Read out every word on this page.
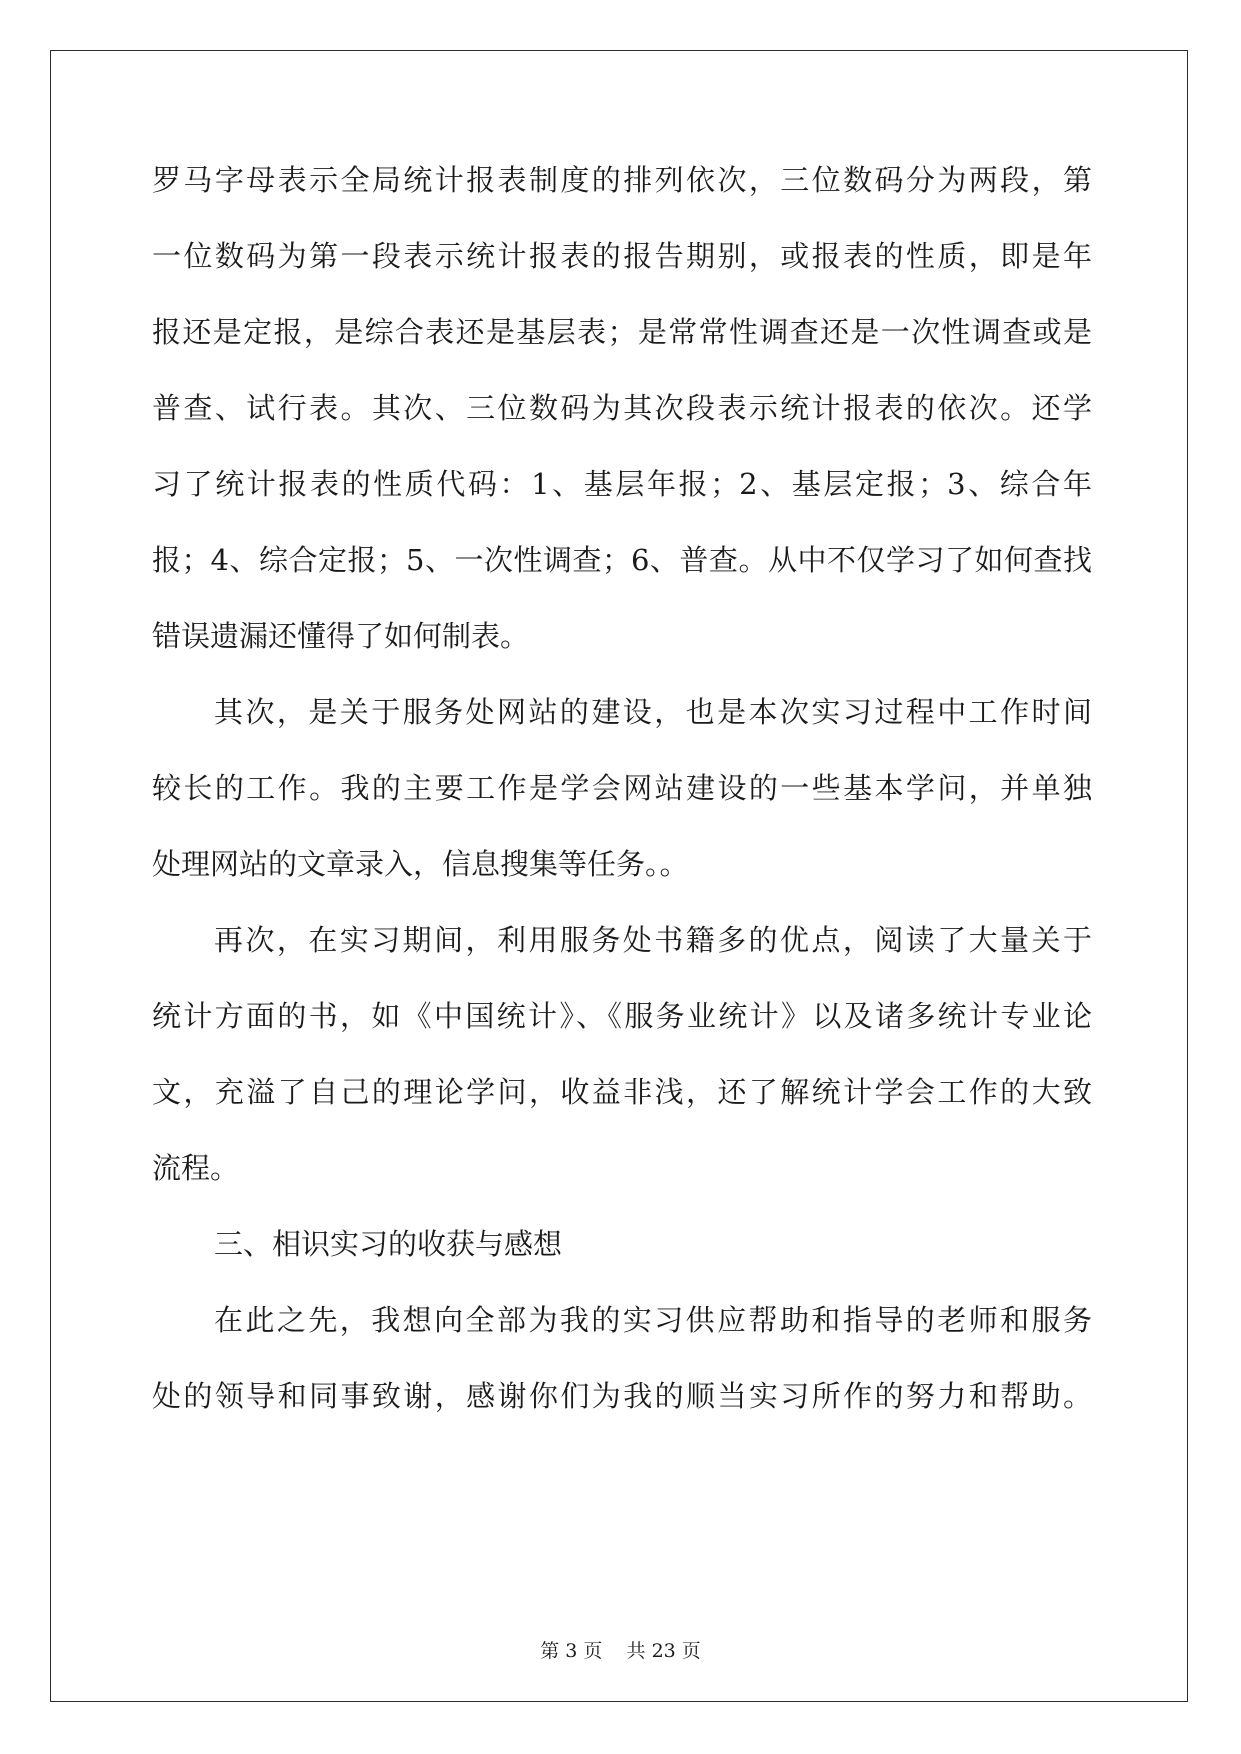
罗马字母表示全局统计报表制度的排列依次，三位数码分为两段，第
一位数码为第一段表示统计报表的报告期别，或报表的性质，即是年
报还是定报，是综合表还是基层表；是常常性调查还是一次性调查或是
普查、试行表。其次、三位数码为其次段表示统计报表的依次。还学
习了统计报表的性质代码：1、基层年报；2、基层定报；3、综合年
报；4、综合定报；5、一次性调查；6、普查。从中不仅学习了如何查找
错误遗漏还懂得了如何制表。
其次，是关于服务处网站的建设，也是本次实习过程中工作时间
较长的工作。我的主要工作是学会网站建设的一些基本学问，并单独
处理网站的文章录入，信息搜集等任务。。
再次，在实习期间，利用服务处书籍多的优点，阅读了大量关于
统计方面的书，如《中国统计》、《服务业统计》以及诸多统计专业论
文，充溢了自己的理论学问，收益非浅，还了解统计学会工作的大致
流程。
三、相识实习的收获与感想
在此之先，我想向全部为我的实习供应帮助和指导的老师和服务
处的领导和同事致谢，感谢你们为我的顺当实习所作的努力和帮助。
第 3 页    共 23 页
